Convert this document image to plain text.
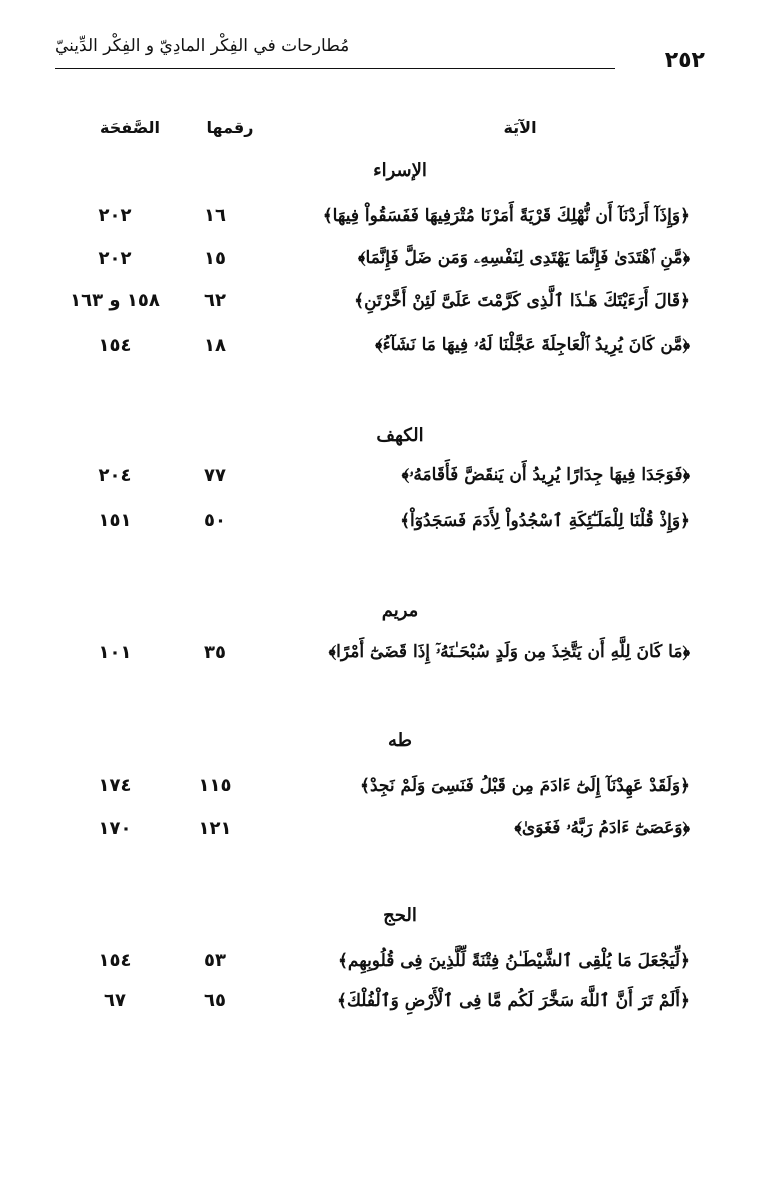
٢٥٢
مُطارحات في الفِكْر المادِيّ و الفِكْر الدِّينيّ
الآيَة
رقمها
الصَّفحَة
الإسراء
﴿وَإِذَآ أَرَدْنَآ أَن نُّهْلِكَ قَرْيَةً أَمَرْنَا مُتْرَفِيهَا فَفَسَقُواْ فِيهَا﴾
١٦
٢٠٢
﴿مَّنِ ٱهْتَدَىٰ فَإِنَّمَا يَهْتَدِى لِنَفْسِهِۦ وَمَن ضَلَّ فَإِنَّمَا﴾
١٥
٢٠٢
﴿قَالَ أَرَءَيْتَكَ هَـٰذَا ٱلَّذِى كَرَّمْتَ عَلَىَّ لَئِنْ أَخَّرْتَنِ﴾
٦٢
١٥٨ و ١٦٣
﴿مَّن كَانَ يُرِيدُ ٱلْعَاجِلَةَ عَجَّلْنَا لَهُۥ فِيهَا مَا نَشَآءُ﴾
١٨
١٥٤
الكهف
﴿فَوَجَدَا فِيهَا جِدَارًا يُرِيدُ أَن يَنقَضَّ فَأَقَامَهُۥ﴾
٧٧
٢٠٤
﴿وَإِذْ قُلْنَا لِلْمَلَـٰٓئِكَةِ ٱسْجُدُواْ لِأَدَمَ فَسَجَدُوٓاْ﴾
٥٠
١٥١
مريم
﴿مَا كَانَ لِلَّهِ أَن يَتَّخِذَ مِن وَلَدٍ سُبْحَـٰنَهُۥٓ إِذَا قَضَىٰٓ أَمْرًا﴾
٣٥
١٠١
طه
﴿وَلَقَدْ عَهِدْنَآ إِلَىٰٓ ءَادَمَ مِن قَبْلُ فَنَسِىَ وَلَمْ نَجِدْ﴾
١١٥
١٧٤
﴿وَعَصَىٰٓ ءَادَمُ رَبَّهُۥ فَغَوَىٰ﴾
١٢١
١٧٠
الحج
﴿لِّيَجْعَلَ مَا يُلْقِى ٱلشَّيْطَـٰنُ فِتْنَةً لِّلَّذِينَ فِى قُلُوبِهِم﴾
٥٣
١٥٤
﴿أَلَمْ تَرَ أَنَّ ٱللَّهَ سَخَّرَ لَكُم مَّا فِى ٱلْأَرْضِ وَٱلْفُلْكَ﴾
٦٥
٦٧
